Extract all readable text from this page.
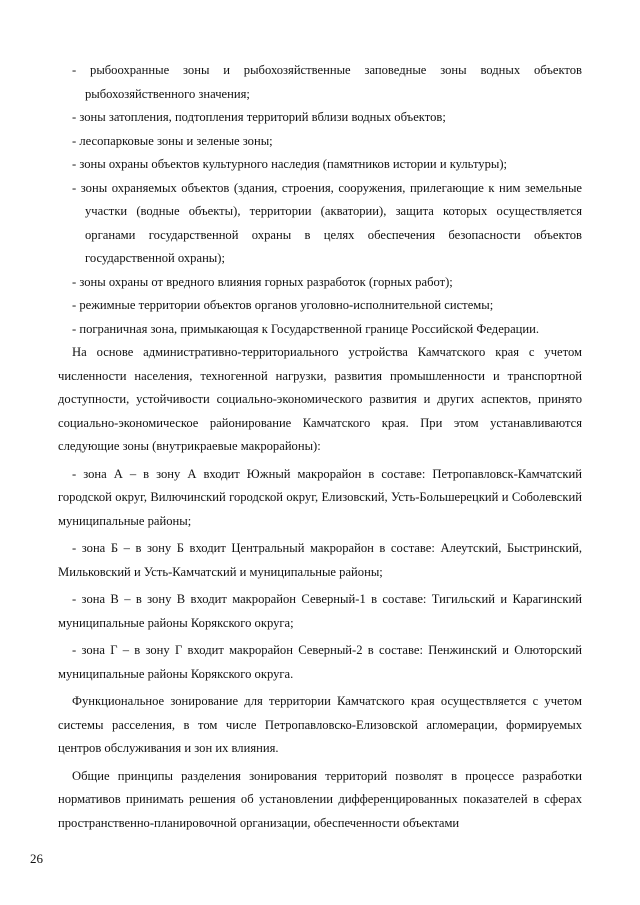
- рыбоохранные зоны и рыбохозяйственные заповедные зоны водных объектов рыбохозяйственного значения;

- зоны затопления, подтопления территорий вблизи водных объектов;

- лесопарковые зоны и зеленые зоны;

- зоны охраны объектов культурного наследия (памятников истории и культуры);

- зоны охраняемых объектов (здания, строения, сооружения, прилегающие к ним земельные участки (водные объекты), территории (акватории), защита которых осуществляется органами государственной охраны в целях обеспечения безопасности объектов государственной охраны);

- зоны охраны от вредного влияния горных разработок (горных работ);

- режимные территории объектов органов уголовно-исполнительной системы;

- пограничная зона, примыкающая к Государственной границе Российской Федерации.

На основе административно-территориального устройства Камчатского края с учетом численности населения, техногенной нагрузки, развития промышленности и транспортной доступности, устойчивости социально-экономического развития и других аспектов, принято социально-экономическое районирование Камчатского края. При этом устанавливаются следующие зоны (внутрикраевые макрорайоны):

- зона А – в зону А входит Южный макрорайон в составе: Петропавловск-Камчатский городской округ, Вилючинский городской округ, Елизовский, Усть-Большерецкий и Соболевский муниципальные районы;

- зона Б – в зону Б входит Центральный макрорайон в составе: Алеутский, Быстринский, Мильковский и Усть-Камчатский и муниципальные районы;

- зона В – в зону В входит макрорайон Северный-1 в составе: Тигильский и Карагинский муниципальные районы Корякского округа;

- зона Г – в зону Г входит макрорайон Северный-2 в составе: Пенжинский и Олюторский муниципальные районы Корякского округа.

Функциональное зонирование для территории Камчатского края осуществляется с учетом системы расселения, в том числе Петропавловско-Елизовской агломерации, формируемых центров обслуживания и зон их влияния.

Общие принципы разделения зонирования территорий позволят в процессе разработки нормативов принимать решения об установлении дифференцированных показателей в сферах пространственно-планировочной организации, обеспеченности объектами

26
